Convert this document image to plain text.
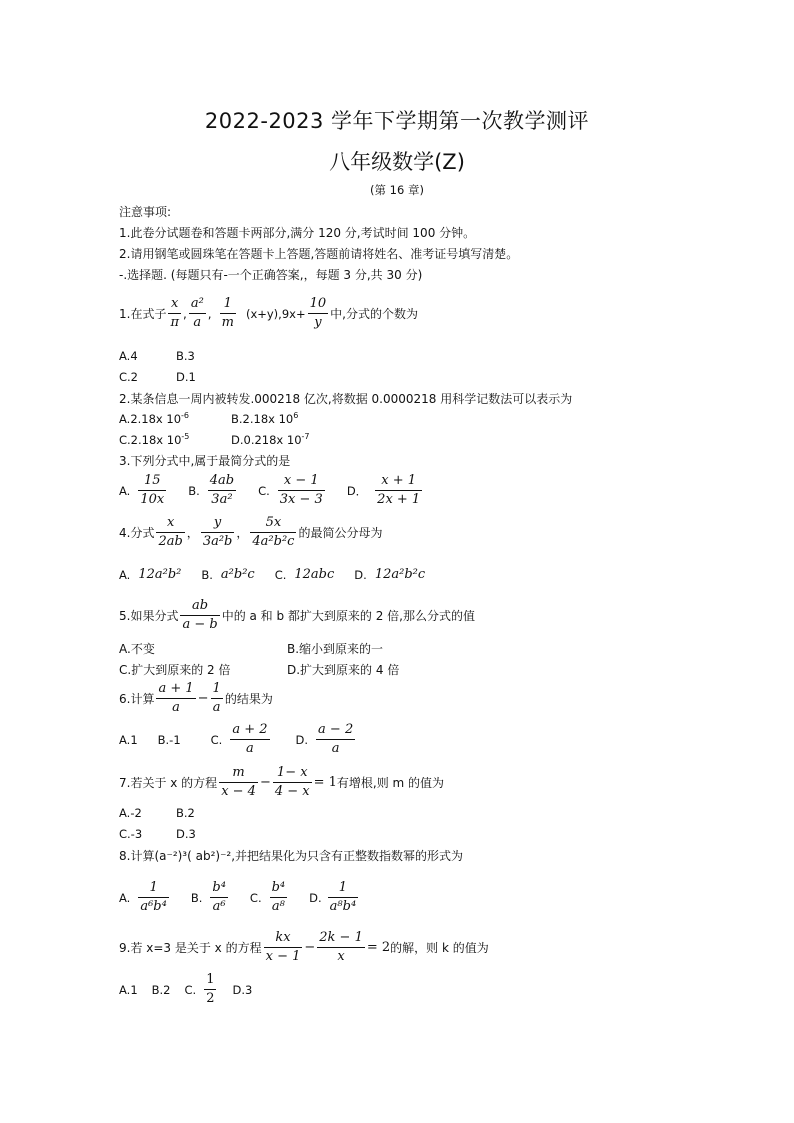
2022-2023 学年下学期第一次教学测评
八年级数学(Z)
(第 16 章)
注意事项:
1.此卷分试题卷和答题卡两部分,满分 120 分,考试时间 100 分钟。
2.请用钢笔或圆珠笔在答题卡上答题,答题前请将姓名、准考证号填写清楚。
-.选择题. (每题只有-一个正确答案,，每题 3 分,共 30 分)
1.在式子 $\frac{x}{\pi}$ , $\frac{\text{a²}}{a}$ , $\frac{1}{m} (x+y),9x+ \frac{10}{y}$ 中,分式的个数为
A.4	B.3
C.2	D.1
2.某条信息一周内被转发.000218 亿次,将数据 0.0000218 用科学记数法可以表示为
A.2.18x $10^{-6}$	B.2.18x $10^6$
C.2.18x $10^{-5}$	D.0.218x $10^{-7}$
3.下列分式中,属于最简分式的是
A. $\frac{15}{10x} B$. $\frac{4ab}{\text{3a²}} C$. $\frac{x - 1}{3x - 3}$ D． $\frac{x + 1}{2x + 1}$
4.分式 $\frac{x}{2ab}$ ， $\frac{y}{\text{3a²b}}$ ， $\frac{5x}{\text{4a²b²c}}$ 的最简公分母为
A. 12a²b² B. a²b²c C. 12abc D. 12a²b²c
5.如果分式 $\frac{ab}{a - b}$ 中的 a 和 b 都扩大到原来的 2 倍,那么分式的值
A.不变	B.缩小到原来的一
C.扩大到原来的 2 倍	D.扩大到原来的 4 倍
6.计算 $\frac{a + 1}{a} - \frac{1}{a}$ 的结果为
A.1 B.-1	C. $\frac{a + 2}{a} D$. $\frac{a - 2}{a}$
7.若关于 x 的方程 $\frac{m}{x - 4} - \frac{1- x}{4 - x} = 1$ 有增根,则 m 的值为
A.-2	B.2
C.-3	D.3
8.计算(a⁻²)³( ab²)⁻²,并把结果化为只含有正整数指数幂的形式为
A. $\frac{1}{\text{a⁶b⁴}} B$. $\frac{\text{b⁴}}{\text{a⁶}} C$. $\frac{\text{b⁴}}{\text{a⁸}} D$. $\frac{1}{\text{a⁸b⁴}}$
9.若 x=3 是关于 x 的方程 $\frac{kx}{x - 1} - \frac{2k - 1}{x} = 2$ 的解，则 k 的值为
A.1 B.2 C. $\frac{1}{2} D.3$
